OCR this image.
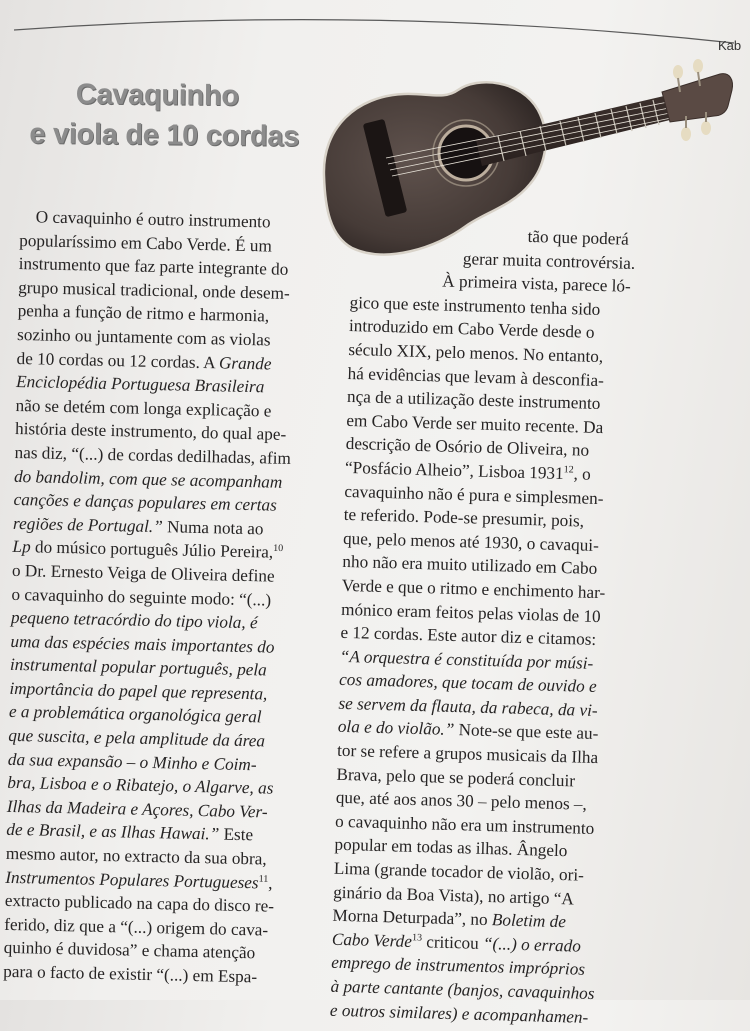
Kab
Cavaquinho
e viola de 10 cordas
O cavaquinho é outro instrumento
popularíssimo em Cabo Verde. É um
instrumento que faz parte integrante do
grupo musical tradicional, onde desem-
penha a função de ritmo e harmonia,
sozinho ou juntamente com as violas
de 10 cordas ou 12 cordas. A Grande
Enciclopédia Portuguesa Brasileira
não se detém com longa explicação e
história deste instrumento, do qual ape-
nas diz, “(...) de cordas dedilhadas, afim
do bandolim, com que se acompanham
canções e danças populares em certas
regiões de Portugal.” Numa nota ao
Lp do músico português Júlio Pereira,$^{10}$
o Dr. Ernesto Veiga de Oliveira define
o cavaquinho do seguinte modo: “(...)
pequeno tetracórdio do tipo viola, é
uma das espécies mais importantes do
instrumental popular português, pela
importância do papel que representa,
e a problemática organológica geral
que suscita, e pela amplitude da área
da sua expansão – o Minho e Coim-
bra, Lisboa e o Ribatejo, o Algarve, as
Ilhas da Madeira e Açores, Cabo Ver-
de e Brasil, e as Ilhas Hawai.” Este
mesmo autor, no extracto da sua obra,
Instrumentos Populares Portugueses$^{11}$,
extracto publicado na capa do disco re-
ferido, diz que a “(...) origem do cava-
quinho é duvidosa” e chama atenção
para o facto de existir “(...) em Espa-
tão que poderá
gerar muita controvérsia.
À primeira vista, parece ló-
gico que este instrumento tenha sido
introduzido em Cabo Verde desde o
século XIX, pelo menos. No entanto,
há evidências que levam à desconfia-
nça de a utilização deste instrumento
em Cabo Verde ser muito recente. Da
descrição de Osório de Oliveira, no
“Posfácio Alheio”, Lisboa 1931$^{12}$, o
cavaquinho não é pura e simplesmen-
te referido. Pode-se presumir, pois,
que, pelo menos até 1930, o cavaqui-
nho não era muito utilizado em Cabo
Verde e que o ritmo e enchimento har-
mónico eram feitos pelas violas de 10
e 12 cordas. Este autor diz e citamos:
“A orquestra é constituída por músi-
cos amadores, que tocam de ouvido e
se servem da flauta, da rabeca, da vi-
ola e do violão.” Note-se que este au-
tor se refere a grupos musicais da Ilha
Brava, pelo que se poderá concluir
que, até aos anos 30 – pelo menos –,
o cavaquinho não era um instrumento
popular em todas as ilhas. Ângelo
Lima (grande tocador de violão, ori-
ginário da Boa Vista), no artigo “A
Morna Deturpada”, no Boletim de
Cabo Verde$^{13}$ criticou “(...) o errado
emprego de instrumentos impróprios
à parte cantante (banjos, cavaquinhos
e outros similares) e acompanhamen-
